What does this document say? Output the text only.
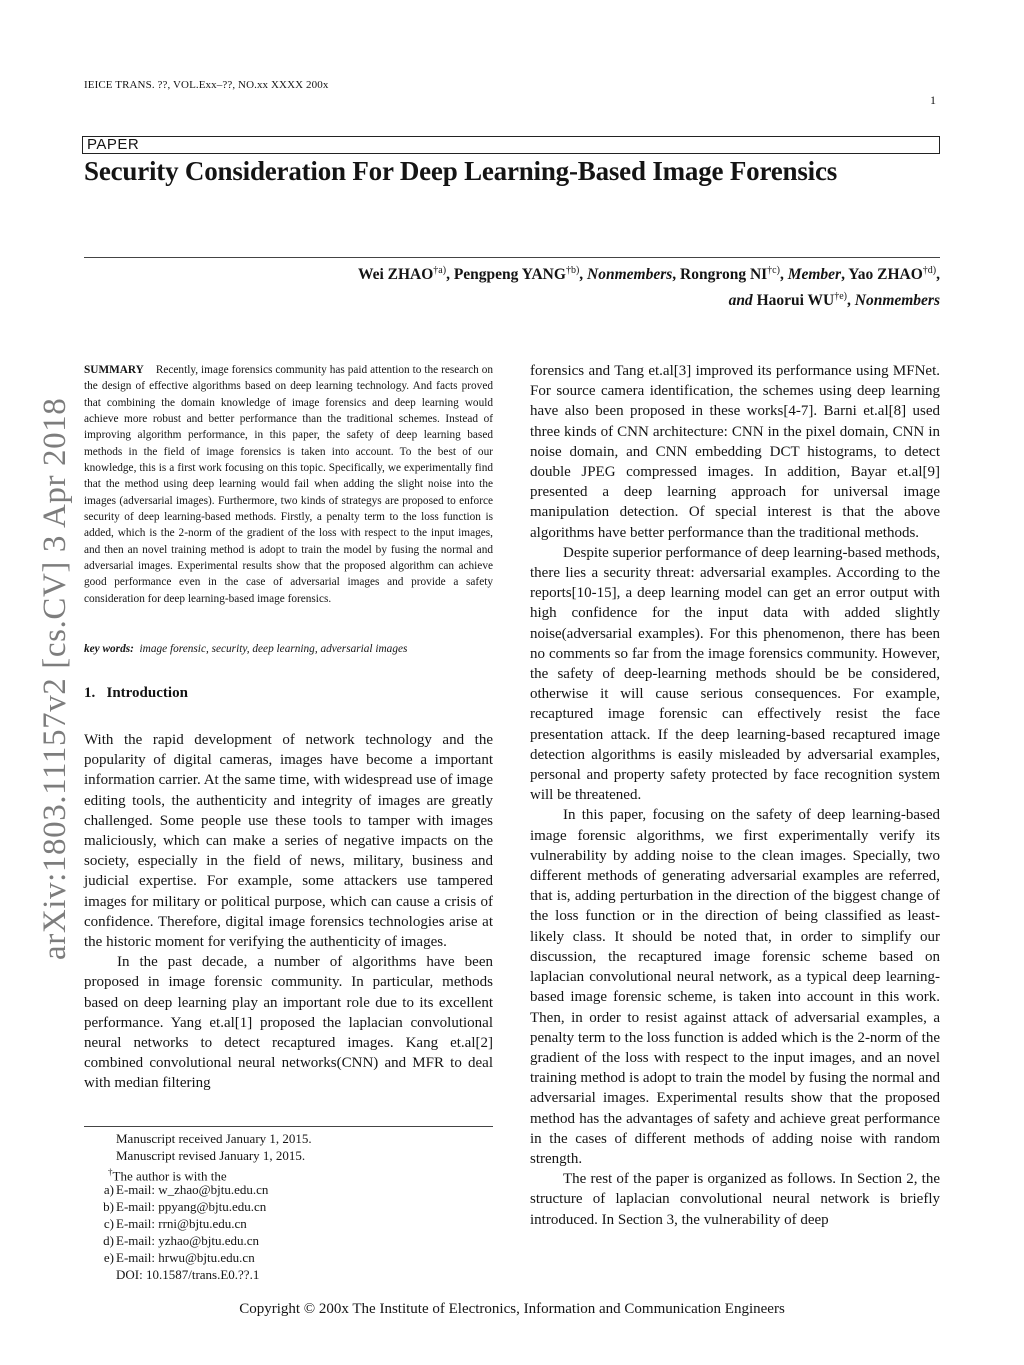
IEICE TRANS. ??, VOL.Exx–??, NO.xx XXXX 200x
1
PAPER
Security Consideration For Deep Learning-Based Image Forensics
Wei ZHAO$^{\dagger a)}$, Pengpeng YANG$^{\dagger b)}$, Nonmembers, Rongrong NI$^{\dagger c)}$, Member, Yao ZHAO$^{\dagger d)}$,
and Haorui WU$^{\dagger e)}$, Nonmembers
arXiv:1803.11157v2 [cs.CV] 3 Apr 2018
SUMMARY Recently, image forensics community has paid attention to the research on the design of effective algorithms based on deep learning technology. And facts proved that combining the domain knowledge of image forensics and deep learning would achieve more robust and better performance than the traditional schemes. Instead of improving algorithm performance, in this paper, the safety of deep learning based methods in the field of image forensics is taken into account. To the best of our knowledge, this is a first work focusing on this topic. Specifically, we experimentally find that the method using deep learning would fail when adding the slight noise into the images (adversarial images). Furthermore, two kinds of strategys are proposed to enforce security of deep learning-based methods. Firstly, a penalty term to the loss function is added, which is the 2-norm of the gradient of the loss with respect to the input images, and then an novel training method is adopt to train the model by fusing the normal and adversarial images. Experimental results show that the proposed algorithm can achieve good performance even in the case of adversarial images and provide a safety consideration for deep learning-based image forensics.
key words: image forensic, security, deep learning, adversarial images
1. Introduction

With the rapid development of network technology and the popularity of digital cameras, images have become a important information carrier. At the same time, with widespread use of image editing tools, the authenticity and integrity of images are greatly challenged. Some people use these tools to tamper with images maliciously, which can make a series of negative impacts on the society, especially in the field of news, military, business and judicial expertise. For example, some attackers use tampered images for military or political purpose, which can cause a crisis of confidence. Therefore, digital image forensics technologies arise at the historic moment for verifying the authenticity of images.

In the past decade, a number of algorithms have been proposed in image forensic community. In particular, methods based on deep learning play an important role due to its excellent performance. Yang et.al[1] proposed the laplacian convolutional neural networks to detect recaptured images. Kang et.al[2] combined convolutional neural networks(CNN) and MFR to deal with median filtering

Manuscript received January 1, 2015.
Manuscript revised January 1, 2015.
†The author is with the
a) E-mail: w_zhao@bjtu.edu.cn
b) E-mail: ppyang@bjtu.edu.cn
c) E-mail: rrni@bjtu.edu.cn
d) E-mail: yzhao@bjtu.edu.cn
e) E-mail: hrwu@bjtu.edu.cn
DOI: 10.1587/trans.E0.??.1

forensics and Tang et.al[3] improved its performance using MFNet. For source camera identification, the schemes using deep learning have also been proposed in these works[4-7]. Barni et.al[8] used three kinds of CNN architecture: CNN in the pixel domain, CNN in noise domain, and CNN embedding DCT histograms, to detect double JPEG compressed images. In addition, Bayar et.al[9] presented a deep learning approach for universal image manipulation detection. Of special interest is that the above algorithms have better performance than the traditional methods.

Despite superior performance of deep learning-based methods, there lies a security threat: adversarial examples. According to the reports[10-15], a deep learning model can get an error output with high confidence for the input data with added slightly noise(adversarial examples). For this phenomenon, there has been no comments so far from the image forensics community. However, the safety of deep-learning methods should be be considered, otherwise it will cause serious consequences. For example, recaptured image forensic can effectively resist the face presentation attack. If the deep learning-based recaptured image detection algorithms is easily misleaded by adversarial examples, personal and property safety protected by face recognition system will be threatened.

In this paper, focusing on the safety of deep learning-based image forensic algorithms, we first experimentally verify its vulnerability by adding noise to the clean images. Specially, two different methods of generating adversarial examples are referred, that is, adding perturbation in the direction of the biggest change of the loss function or in the direction of being classified as least-likely class. It should be noted that, in order to simplify our discussion, the recaptured image forensic scheme based on laplacian convolutional neural network, as a typical deep learning-based image forensic scheme, is taken into account in this work. Then, in order to resist against attack of adversarial examples, a penalty term to the loss function is added which is the 2-norm of the gradient of the loss with respect to the input images, and an novel training method is adopt to train the model by fusing the normal and adversarial images. Experimental results show that the proposed method has the advantages of safety and achieve great performance in the cases of different methods of adding noise with random strength.

The rest of the paper is organized as follows. In Section 2, the structure of laplacian convolutional neural network is briefly introduced. In Section 3, the vulnerability of deep

Copyright © 200x The Institute of Electronics, Information and Communication Engineers
